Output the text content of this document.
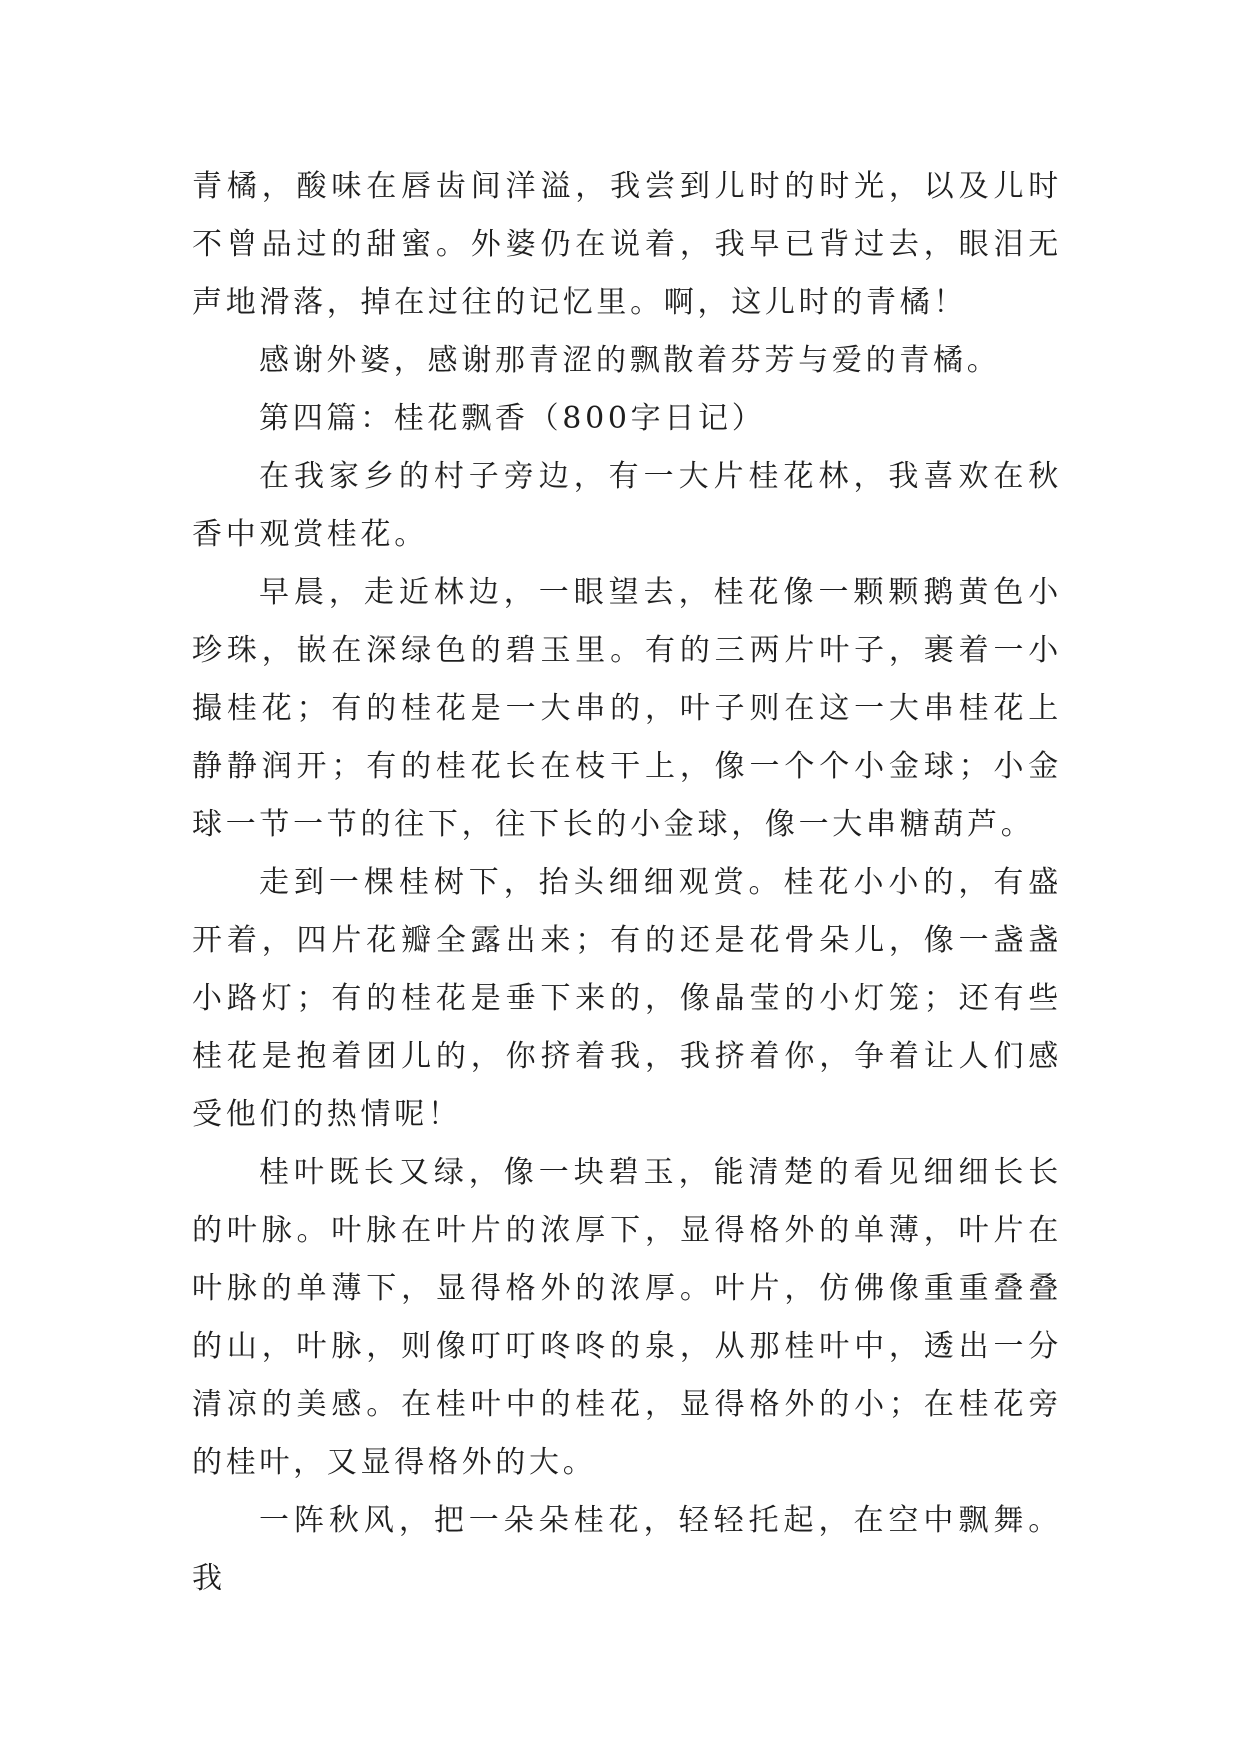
青橘，酸味在唇齿间洋溢，我尝到儿时的时光，以及儿时不曾品过的甜蜜。外婆仍在说着，我早已背过去，眼泪无声地滑落，掉在过往的记忆里。啊，这儿时的青橘！

感谢外婆，感谢那青涩的飘散着芬芳与爱的青橘。

第四篇：桂花飘香（800字日记）

在我家乡的村子旁边，有一大片桂花林，我喜欢在秋香中观赏桂花。

早晨，走近林边，一眼望去，桂花像一颗颗鹅黄色小珍珠，嵌在深绿色的碧玉里。有的三两片叶子，裹着一小撮桂花；有的桂花是一大串的，叶子则在这一大串桂花上静静润开；有的桂花长在枝干上，像一个个小金球；小金球一节一节的往下，往下长的小金球，像一大串糖葫芦。

走到一棵桂树下，抬头细细观赏。桂花小小的，有盛开着，四片花瓣全露出来；有的还是花骨朵儿，像一盏盏小路灯；有的桂花是垂下来的，像晶莹的小灯笼；还有些桂花是抱着团儿的，你挤着我，我挤着你，争着让人们感受他们的热情呢！

桂叶既长又绿，像一块碧玉，能清楚的看见细细长长的叶脉。叶脉在叶片的浓厚下，显得格外的单薄，叶片在叶脉的单薄下，显得格外的浓厚。叶片，仿佛像重重叠叠的山，叶脉，则像叮叮咚咚的泉，从那桂叶中，透出一分清凉的美感。在桂叶中的桂花，显得格外的小；在桂花旁的桂叶，又显得格外的大。

一阵秋风，把一朵朵桂花，轻轻托起，在空中飘舞。我
